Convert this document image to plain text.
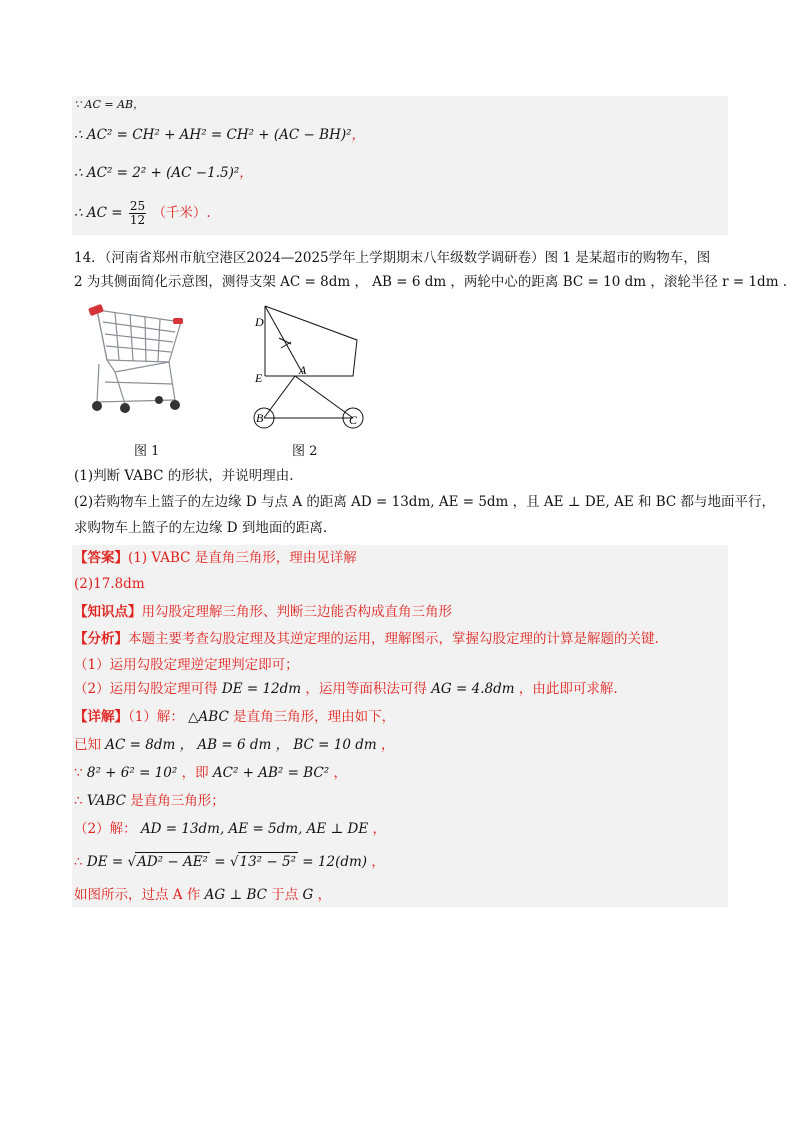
∵ AC = AB，
∴ AC² = CH² + AH² = CH² + (AC − BH)²，
∴ AC² = 2² + (AC −1.5)²，
∴ AC = $\frac{25}{12}$ （千米）.
14．（河南省郑州市航空港区2024—2025学年上学期期末八年级数学调研卷）图 1 是某超市的购物车，图
2 为其侧面简化示意图，测得支架 AC = 8dm ， AB = 6 dm ，两轮中心的距离 BC = 10 dm ，滚轮半径 r = 1dm .
图 1
D
E
A
B	C
图 2
(1)判断 VABC 的形状，并说明理由.
(2)若购物车上篮子的左边缘 D 与点 A 的距离 AD = 13dm, AE = 5dm ，且 AE ⊥ DE, AE 和 BC 都与地面平行，
求购物车上篮子的左边缘 D 到地面的距离.
【答案】(1) VABC 是直角三角形，理由见详解
(2)17.8dm
【知识点】用勾股定理解三角形、判断三边能否构成直角三角形
【分析】本题主要考查勾股定理及其逆定理的运用，理解图示，掌握勾股定理的计算是解题的关键.
（1）运用勾股定理逆定理判定即可；
（2）运用勾股定理可得 DE = 12dm ，运用等面积法可得 AG = 4.8dm ，由此即可求解.
【详解】（1）解： △ABC 是直角三角形，理由如下，
已知 AC = 8dm ， AB = 6 dm ， BC = 10 dm ，
∵ 8² + 6² = 10² ，即 AC² + AB² = BC² ，
∴ VABC 是直角三角形；
（2）解： AD = 13dm, AE = 5dm, AE ⊥ DE ，
∴ DE = √AD² − AE² = √13² − 5² = 12(dm) ，
如图所示，过点 A 作 AG ⊥ BC 于点 G ，
